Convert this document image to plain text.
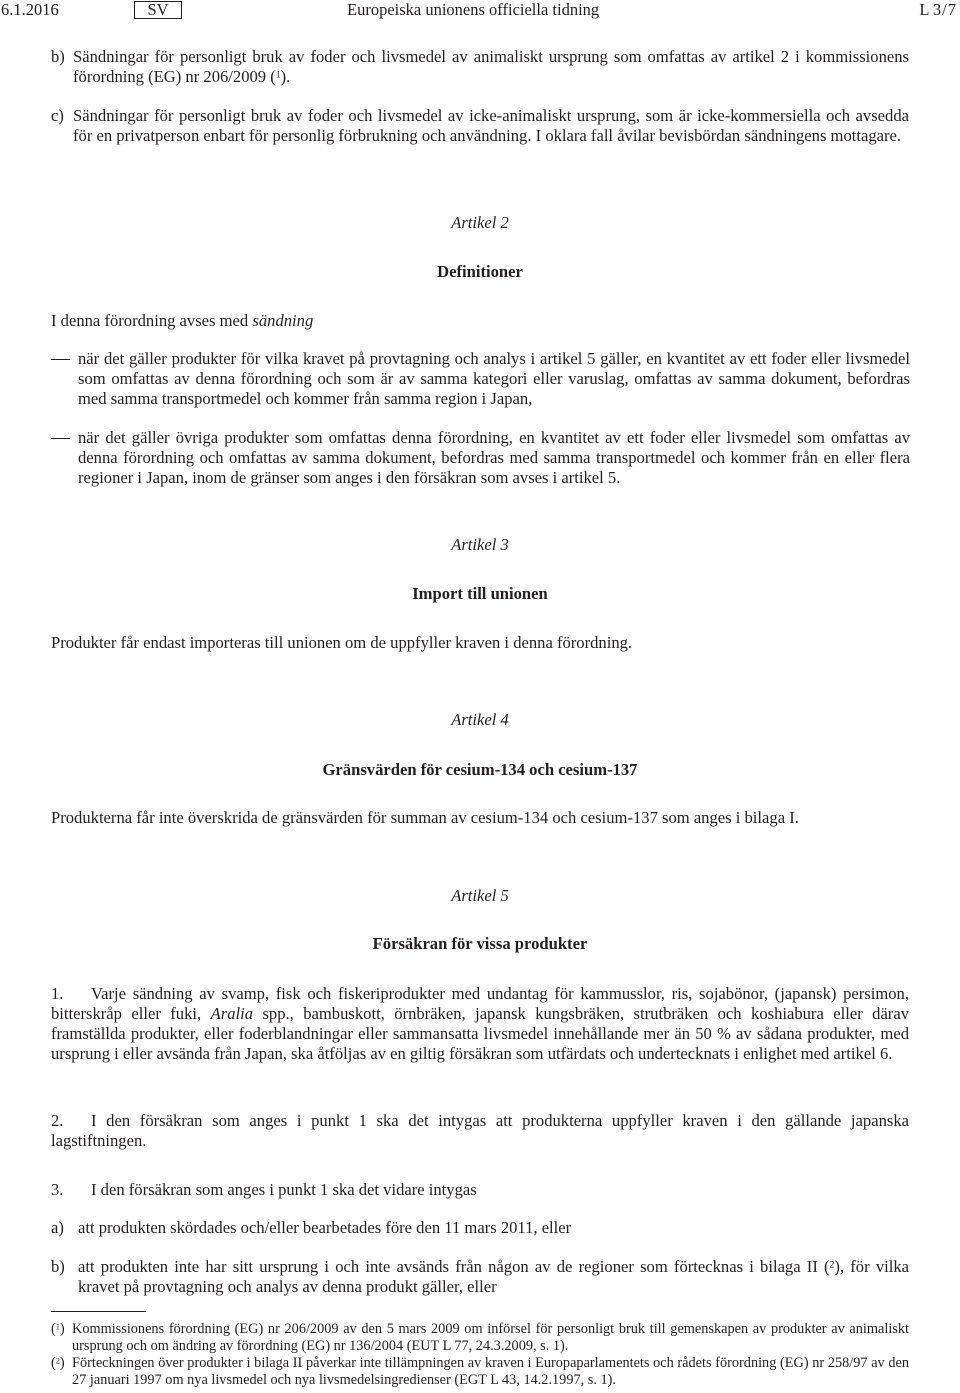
6.1.2016	SV	Europeiska unionens officiella tidning	L 3/7
b) Sändningar för personligt bruk av foder och livsmedel av animaliskt ursprung som omfattas av artikel 2 i kommissionens förordning (EG) nr 206/2009 ($^1$).
c) Sändningar för personligt bruk av foder och livsmedel av icke-animaliskt ursprung, som är icke-kommersiella och avsedda för en privatperson enbart för personlig förbrukning och användning. I oklara fall åvilar bevisbördan sändningens mottagare.
Artikel 2
Definitioner
I denna förordning avses med sändning
när det gäller produkter för vilka kravet på provtagning och analys i artikel 5 gäller, en kvantitet av ett foder eller livsmedel som omfattas av denna förordning och som är av samma kategori eller varuslag, omfattas av samma dokument, befordras med samma transportmedel och kommer från samma region i Japan,
när det gäller övriga produkter som omfattas denna förordning, en kvantitet av ett foder eller livsmedel som omfattas av denna förordning och omfattas av samma dokument, befordras med samma transportmedel och kommer från en eller flera regioner i Japan, inom de gränser som anges i den försäkran som avses i artikel 5.
Artikel 3
Import till unionen
Produkter får endast importeras till unionen om de uppfyller kraven i denna förordning.
Artikel 4
Gränsvärden för cesium-134 och cesium-137
Produkterna får inte överskrida de gränsvärden för summan av cesium-134 och cesium-137 som anges i bilaga I.
Artikel 5
Försäkran för vissa produkter
1. Varje sändning av svamp, fisk och fiskeriprodukter med undantag för kammusslor, ris, sojabönor, (japansk) persimon, bitterskråp eller fuki, Aralia spp., bambuskott, örnbräken, japansk kungsbräken, strutbräken och koshiabura eller därav framställda produkter, eller foderblandningar eller sammansatta livsmedel innehållande mer än 50 % av sådana produkter, med ursprung i eller avsända från Japan, ska åtföljas av en giltig försäkran som utfärdats och undertecknats i enlighet med artikel 6.
2. I den försäkran som anges i punkt 1 ska det intygas att produkterna uppfyller kraven i den gällande japanska lagstiftningen.
3. I den försäkran som anges i punkt 1 ska det vidare intygas
a) att produkten skördades och/eller bearbetades före den 11 mars 2011, eller
b) att produkten inte har sitt ursprung i och inte avsänds från någon av de regioner som förtecknas i bilaga II ($^2$), för vilka kravet på provtagning och analys av denna produkt gäller, eller
($^1$) Kommissionens förordning (EG) nr 206/2009 av den 5 mars 2009 om införsel för personligt bruk till gemenskapen av produkter av animaliskt ursprung och om ändring av förordning (EG) nr 136/2004 (EUT L 77, 24.3.2009, s. 1).
($^2$) Förteckningen över produkter i bilaga II påverkar inte tillämpningen av kraven i Europaparlamentets och rådets förordning (EG) nr 258/97 av den 27 januari 1997 om nya livsmedel och nya livsmedelsingredienser (EGT L 43, 14.2.1997, s. 1).
